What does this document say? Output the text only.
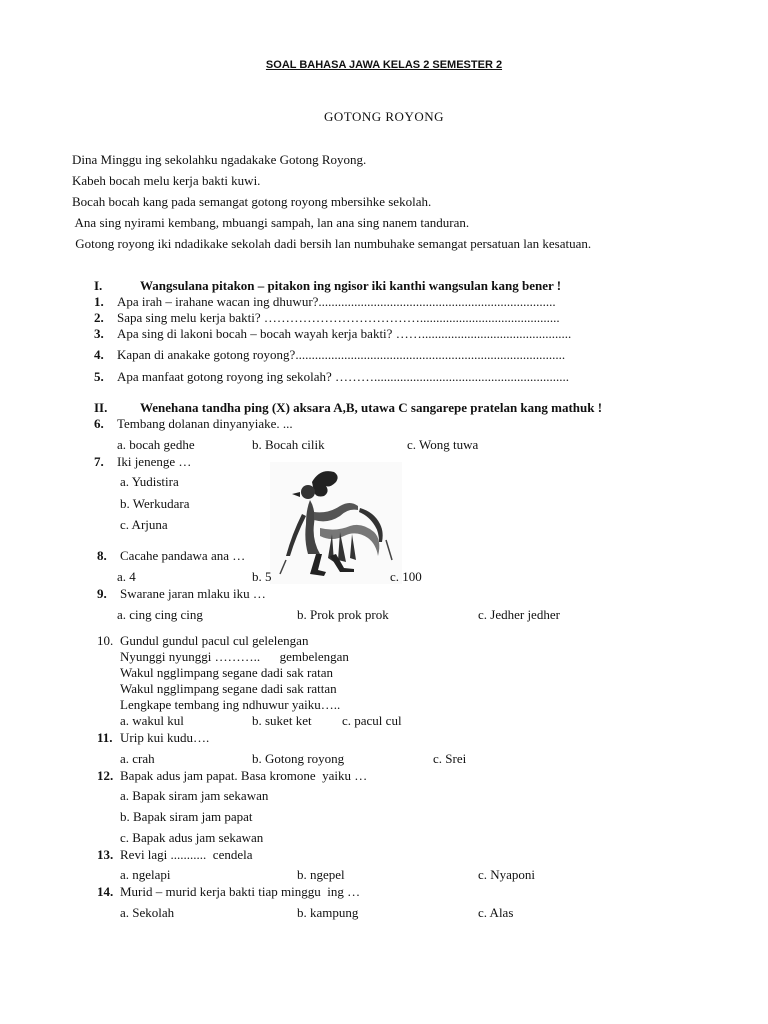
SOAL BAHASA JAWA KELAS 2 SEMESTER 2
GOTONG ROYONG
Dina Minggu ing sekolahku ngadakake Gotong Royong.
Kabeh bocah melu kerja bakti kuwi.
Bocah bocah kang pada semangat gotong royong mbersihke sekolah.
Ana sing nyirami kembang, mbuangi sampah, lan ana sing nanem tanduran.
Gotong royong iki ndadikake sekolah dadi bersih lan numbuhake semangat persatuan lan kesatuan.
I.	Wangsulana pitakon – pitakon ing ngisor iki kanthi wangsulan kang bener !
1. Apa irah – irahane wacan ing dhuwur?.........................................................................
2. Sapa sing melu kerja bakti? ………………………………...........................................
3. Apa sing di lakoni bocah – bocah wayah kerja bakti? ……..............................................
4. Kapan di anakake gotong royong?...................................................................................
5. Apa manfaat gotong royong ing sekolah? ………............................................................
II.	Wenehana tandha ping (X) aksara A,B, utawa C sangarepe pratelan kang mathuk !
6. Tembang dolanan dinyanyiake. ...
a. bocah gedhe	b. Bocah cilik	c. Wong tuwa
7. Iki jenenge …
a. Yudistira
b. Werkudara
c. Arjuna
8. Cacahe pandawa ana …
a. 4	b. 5	c. 100
9. Swarane jaran mlaku iku …
a. cing cing cing	b. Prok prok prok	c. Jedher jedher
10. Gundul gundul pacul cul gelelengan
Nyunggi nyunggi ………..      gembelengan
Wakul ngglimpang segane dadi sak ratan
Wakul ngglimpang segane dadi sak rattan
Lengkape tembang ing ndhuwur yaiku…..
a. wakul kul	b. suket ket c. pacul cul
11. Urip kui kudu….
a. crah	b. Gotong royong	c. Srei
12. Bapak adus jam papat. Basa kromone  yaiku …
a. Bapak siram jam sekawan
b. Bapak siram jam papat
c. Bapak adus jam sekawan
13. Revi lagi ...........  cendela
a. ngelapi	b. ngepel	c. Nyaponi
14. Murid – murid kerja bakti tiap minggu  ing …
a. Sekolah	b. kampung	c. Alas
